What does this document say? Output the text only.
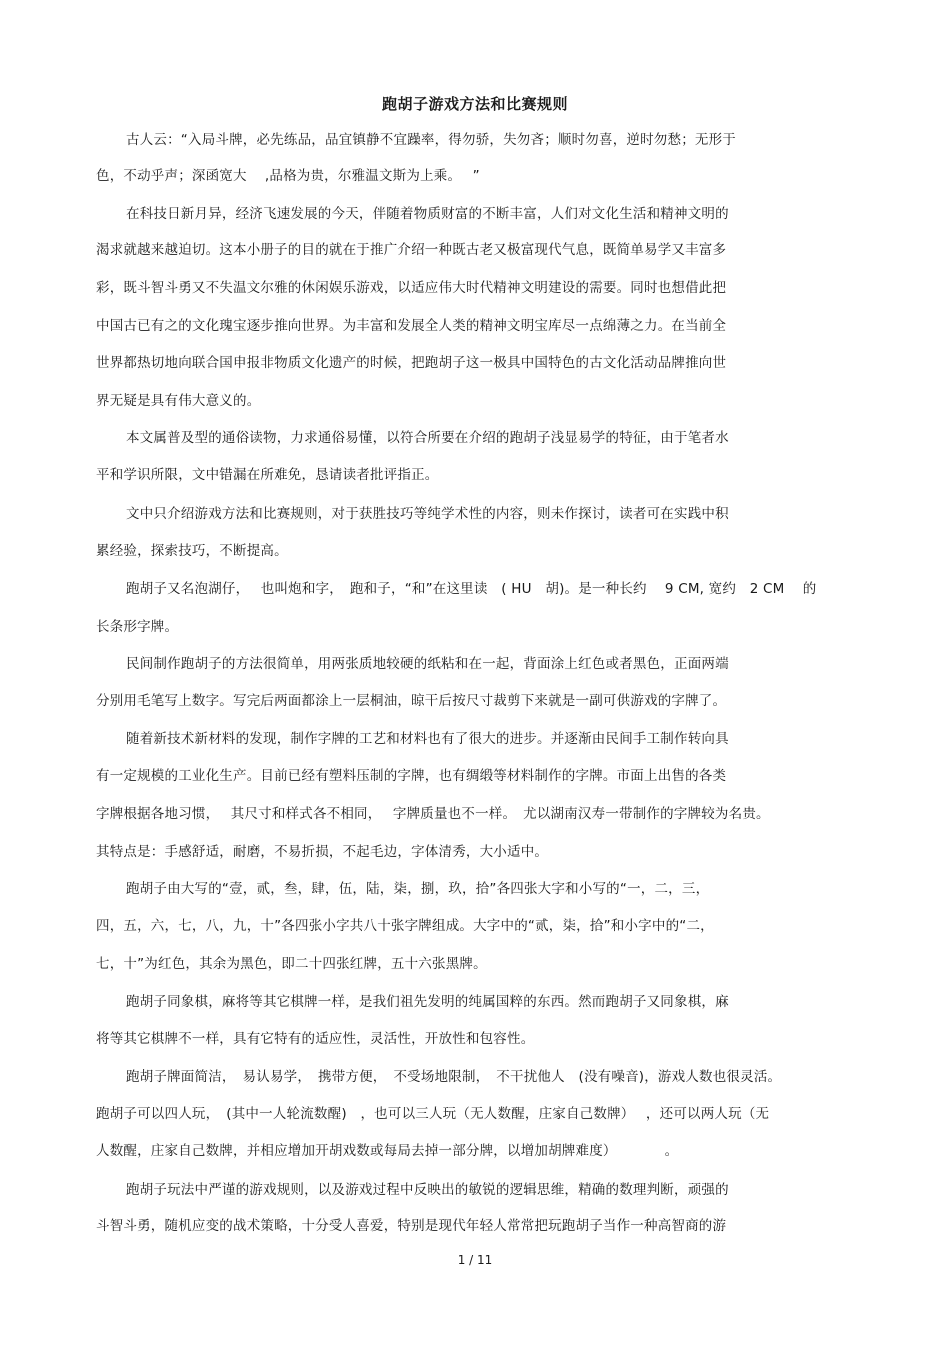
跑胡子游戏方法和比赛规则
古人云：“入局斗牌，必先练品，品宜镇静不宜躁率，得勿骄，失勿吝；顺时勿喜，逆时勿愁；无形于
色，不动乎声；深函宽大　 ,品格为贵，尔雅温文斯为上乘。　 ”
在科技日新月异，经济飞速发展的今天，伴随着物质财富的不断丰富，人们对文化生活和精神文明的
渴求就越来越迫切。这本小册子的目的就在于推广介绍一种既古老又极富现代气息，既简单易学又丰富多
彩，既斗智斗勇又不失温文尔雅的休闲娱乐游戏，以适应伟大时代精神文明建设的需要。同时也想借此把
中国古已有之的文化瑰宝逐步推向世界。为丰富和发展全人类的精神文明宝库尽一点绵薄之力。在当前全
世界都热切地向联合国申报非物质文化遗产的时候，把跑胡子这一极具中国特色的古文化活动品牌推向世
界无疑是具有伟大意义的。
本文属普及型的通俗读物，力求通俗易懂，以符合所要在介绍的跑胡子浅显易学的特征，由于笔者水
平和学识所限，文中错漏在所难免，恳请读者批评指正。
文中只介绍游戏方法和比赛规则，对于获胜技巧等纯学术性的内容，则未作探讨，读者可在实践中积
累经验，探索技巧，不断提高。
跑胡子又名泡湖仔，　 也叫炮和字，　跑和子，“和”在这里读　( HU　胡)。是一种长约　 9 CM, 宽约　2 CM　 的
长条形字牌。
民间制作跑胡子的方法很简单，用两张质地较硬的纸粘和在一起，背面涂上红色或者黑色，正面两端
分别用毛笔写上数字。写完后两面都涂上一层桐油，晾干后按尺寸裁剪下来就是一副可供游戏的字牌了。
随着新技术新材料的发现，制作字牌的工艺和材料也有了很大的进步。并逐渐由民间手工制作转向具
有一定规模的工业化生产。目前已经有塑料压制的字牌，也有绸缎等材料制作的字牌。市面上出售的各类
字牌根据各地习惯，　 其尺寸和样式各不相同，　 字牌质量也不一样。　尤以湖南汉寿一带制作的字牌较为名贵。
其特点是：手感舒适，耐磨，不易折损，不起毛边，字体清秀，大小适中。
跑胡子由大写的“壹，贰，叁，肆，伍，陆，柒，捌，玖，拾”各四张大字和小写的“一，二，三，
四，五，六，七，八，九，十”各四张小字共八十张字牌组成。大字中的“贰，柒，拾”和小字中的“二，
七，十”为红色，其余为黑色，即二十四张红牌，五十六张黑牌。
跑胡子同象棋，麻将等其它棋牌一样，是我们祖先发明的纯属国粹的东西。然而跑胡子又同象棋，麻
将等其它棋牌不一样，具有它特有的适应性，灵活性，开放性和包容性。
跑胡子牌面简洁，　易认易学，　携带方便，　不受场地限制，　不干扰他人　(没有噪音)，游戏人数也很灵活。
跑胡子可以四人玩，　(其中一人轮流数醒)　，也可以三人玩（无人数醒，庄家自己数牌）　 ，还可以两人玩（无
人数醒，庄家自己数牌，并相应增加开胡戏数或每局去掉一部分牌，以增加胡牌难度）　　　　。
跑胡子玩法中严谨的游戏规则，以及游戏过程中反映出的敏锐的逻辑思维，精确的数理判断，顽强的
斗智斗勇，随机应变的战术策略，十分受人喜爱，特别是现代年轻人常常把玩跑胡子当作一种高智商的游
1 / 11
